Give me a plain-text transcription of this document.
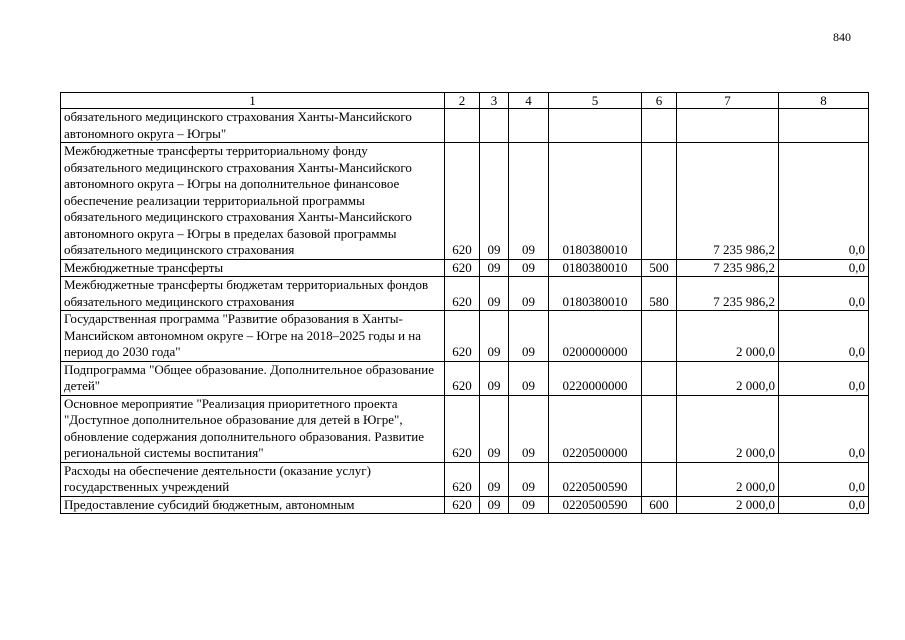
840
1	2	3	4	5	6	7	8
обязательного медицинского страхования Ханты-Мансийского автономного округа – Югры"							
Межбюджетные трансферты территориальному фонду обязательного медицинского страхования Ханты-Мансийского автономного округа – Югры на дополнительное финансовое обеспечение реализации территориальной программы обязательного медицинского страхования Ханты-Мансийского автономного округа – Югры в пределах базовой программы обязательного медицинского страхования	620	09	09	0180380010		7 235 986,2	0,0
Межбюджетные трансферты	620	09	09	0180380010	500	7 235 986,2	0,0
Межбюджетные трансферты бюджетам территориальных фондов обязательного медицинского страхования	620	09	09	0180380010	580	7 235 986,2	0,0
Государственная программа "Развитие образования в Ханты-Мансийском автономном округе – Югре на 2018–2025 годы и на период до 2030 года"	620	09	09	0200000000		2 000,0	0,0
Подпрограмма "Общее образование. Дополнительное образование детей"	620	09	09	0220000000		2 000,0	0,0
Основное мероприятие "Реализация приоритетного проекта "Доступное дополнительное образование для детей в Югре", обновление содержания дополнительного образования. Развитие региональной системы воспитания"	620	09	09	0220500000		2 000,0	0,0
Расходы на обеспечение деятельности (оказание услуг) государственных учреждений	620	09	09	0220500590		2 000,0	0,0
Предоставление субсидий бюджетным, автономным	620	09	09	0220500590	600	2 000,0	0,0
